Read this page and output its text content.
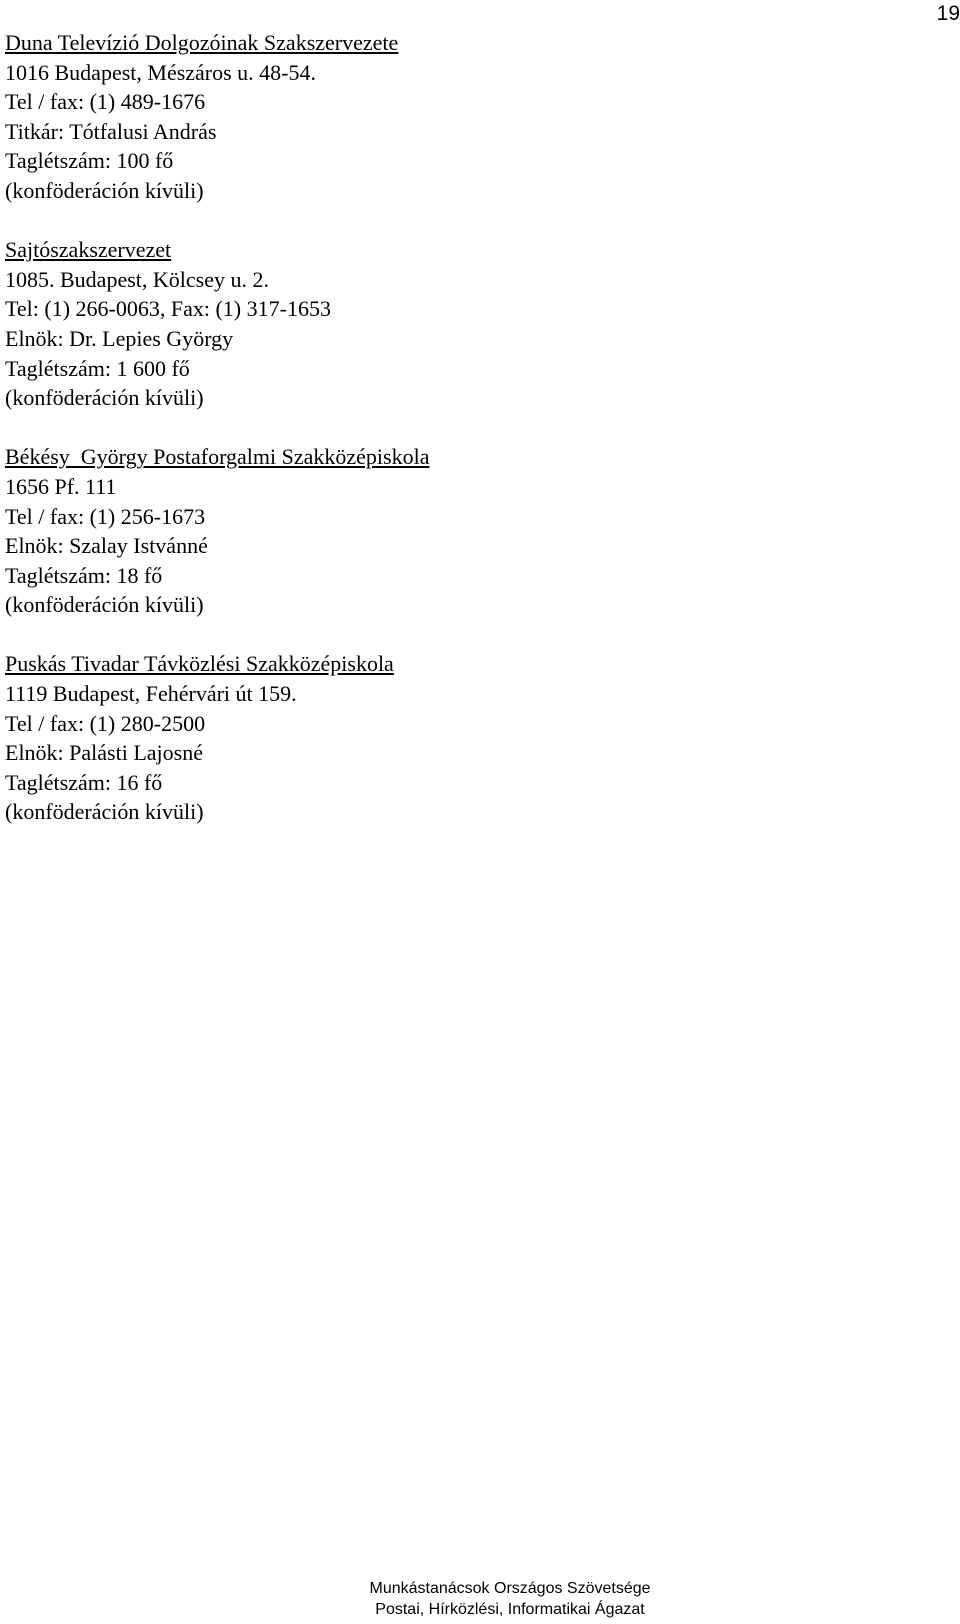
19
Duna Televízió Dolgozóinak Szakszervezete
1016 Budapest, Mészáros u. 48-54.
Tel / fax: (1) 489-1676
Titkár: Tótfalusi András
Taglétszám: 100 fő
(konföderáción kívüli)
Sajtószakszervezet
1085. Budapest, Kölcsey u. 2.
Tel: (1) 266-0063, Fax: (1) 317-1653
Elnök: Dr. Lepies György
Taglétszám: 1 600 fő
(konföderáción kívüli)
Békésy  György Postaforgalmi Szakközépiskola
1656 Pf. 111
Tel / fax: (1) 256-1673
Elnök: Szalay Istvánné
Taglétszám: 18 fő
(konföderáción kívüli)
Puskás Tivadar Távközlési Szakközépiskola
1119 Budapest, Fehérvári út 159.
Tel / fax: (1) 280-2500
Elnök: Palásti Lajosné
Taglétszám: 16 fő
(konföderáción kívüli)
Munkástanácsok Országos Szövetsége
Postai, Hírközlési, Informatikai Ágazat
